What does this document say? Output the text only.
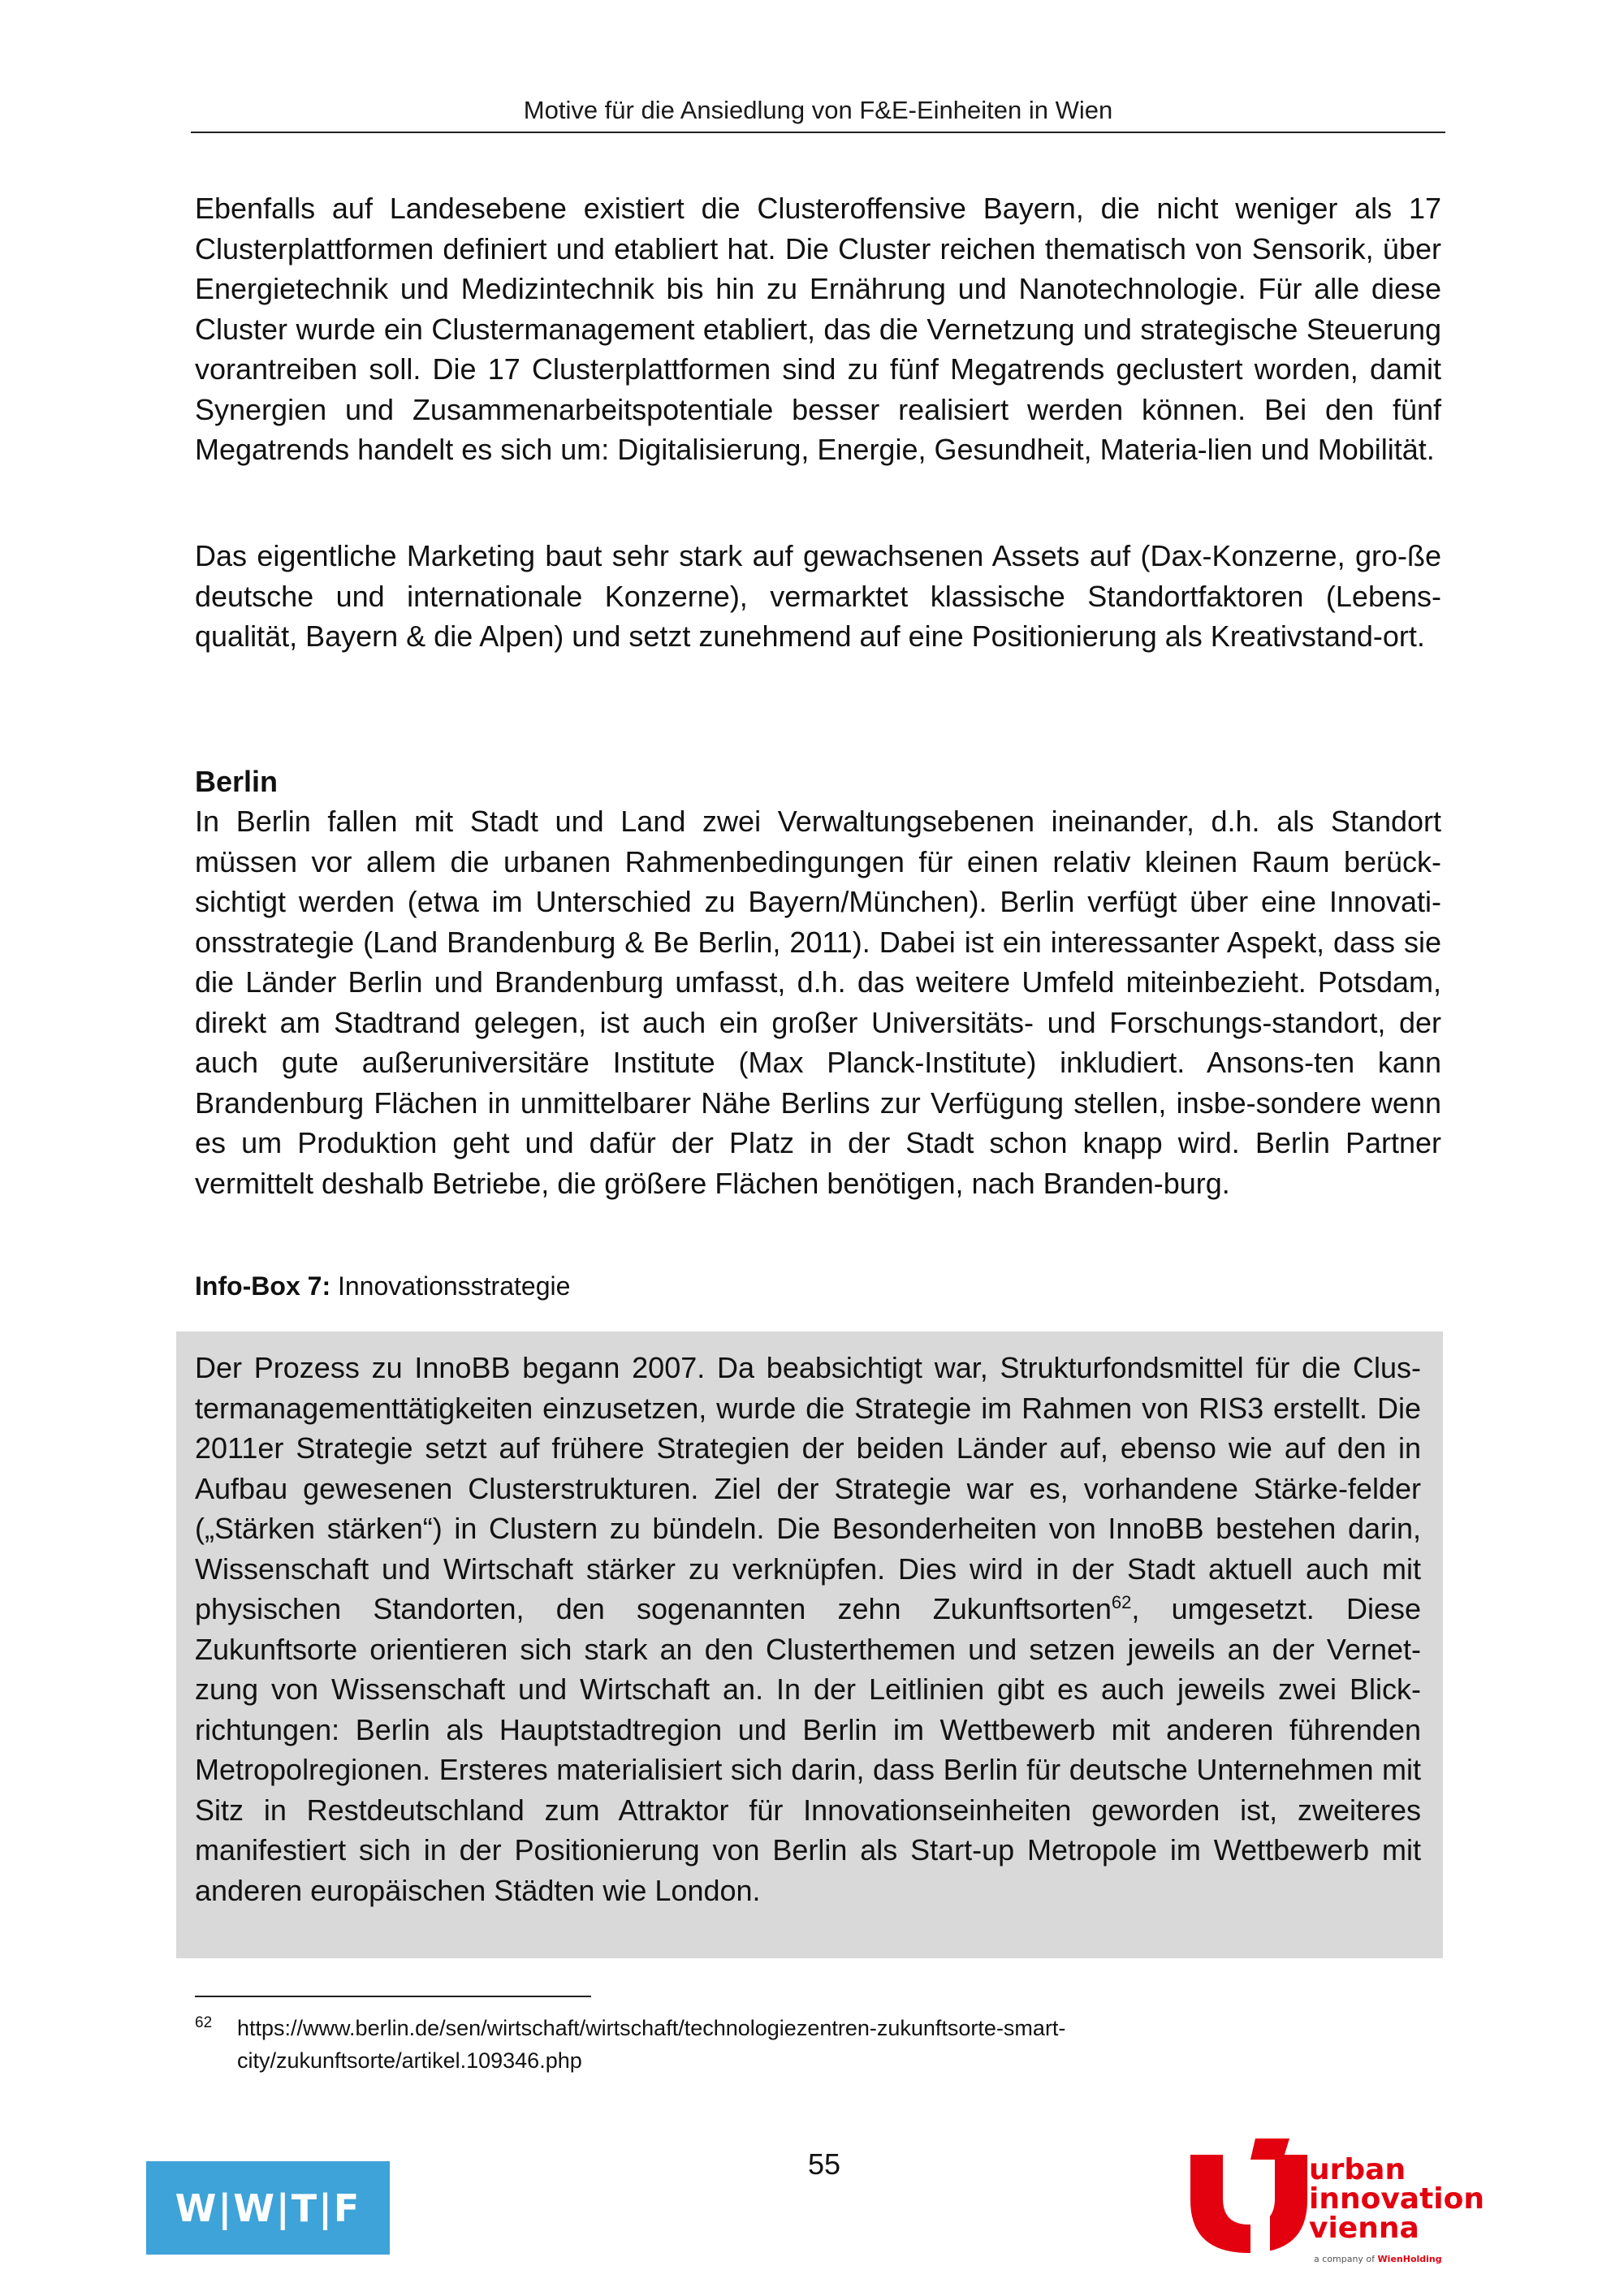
Motive für die Ansiedlung von F&E-Einheiten in Wien

Ebenfalls auf Landesebene existiert die Clusteroffensive Bayern, die nicht weniger als 17 Clusterplattformen definiert und etabliert hat. Die Cluster reichen thematisch von Sensorik, über Energietechnik und Medizintechnik bis hin zu Ernährung und Nanotechnologie. Für alle diese Cluster wurde ein Clustermanagement etabliert, das die Vernetzung und strategische Steuerung vorantreiben soll. Die 17 Clusterplattformen sind zu fünf Megatrends geclustert worden, damit Synergien und Zusammenarbeitspotentiale besser realisiert werden können. Bei den fünf Megatrends handelt es sich um: Digitalisierung, Energie, Gesundheit, Materia-lien und Mobilität.

Das eigentliche Marketing baut sehr stark auf gewachsenen Assets auf (Dax-Konzerne, gro-ße deutsche und internationale Konzerne), vermarktet klassische Standortfaktoren (Lebens-qualität, Bayern & die Alpen) und setzt zunehmend auf eine Positionierung als Kreativstand-ort.

Berlin

In Berlin fallen mit Stadt und Land zwei Verwaltungsebenen ineinander, d.h. als Standort müssen vor allem die urbanen Rahmenbedingungen für einen relativ kleinen Raum berück-sichtigt werden (etwa im Unterschied zu Bayern/München). Berlin verfügt über eine Innovati-onsstrategie (Land Brandenburg & Be Berlin, 2011). Dabei ist ein interessanter Aspekt, dass sie die Länder Berlin und Brandenburg umfasst, d.h. das weitere Umfeld miteinbezieht. Potsdam, direkt am Stadtrand gelegen, ist auch ein großer Universitäts- und Forschungs-standort, der auch gute außeruniversitäre Institute (Max Planck-Institute) inkludiert. Ansons-ten kann Brandenburg Flächen in unmittelbarer Nähe Berlins zur Verfügung stellen, insbe-sondere wenn es um Produktion geht und dafür der Platz in der Stadt schon knapp wird. Berlin Partner vermittelt deshalb Betriebe, die größere Flächen benötigen, nach Branden-burg.

Info-Box 7: Innovationsstrategie

Der Prozess zu InnoBB begann 2007. Da beabsichtigt war, Strukturfondsmittel für die Clus-termanagementtätigkeiten einzusetzen, wurde die Strategie im Rahmen von RIS3 erstellt. Die 2011er Strategie setzt auf frühere Strategien der beiden Länder auf, ebenso wie auf den in Aufbau gewesenen Clusterstrukturen. Ziel der Strategie war es, vorhandene Stärke-felder („Stärken stärken“) in Clustern zu bündeln. Die Besonderheiten von InnoBB bestehen darin, Wissenschaft und Wirtschaft stärker zu verknüpfen. Dies wird in der Stadt aktuell auch mit physischen Standorten, den sogenannten zehn Zukunftsorten$^{62}$, umgesetzt. Diese Zukunftsorte orientieren sich stark an den Clusterthemen und setzen jeweils an der Vernet-zung von Wissenschaft und Wirtschaft an. In der Leitlinien gibt es auch jeweils zwei Blick-richtungen: Berlin als Hauptstadtregion und Berlin im Wettbewerb mit anderen führenden Metropolregionen. Ersteres materialisiert sich darin, dass Berlin für deutsche Unternehmen mit Sitz in Restdeutschland zum Attraktor für Innovationseinheiten geworden ist, zweiteres manifestiert sich in der Positionierung von Berlin als Start-up Metropole im Wettbewerb mit anderen europäischen Städten wie London.

62 https://www.berlin.de/sen/wirtschaft/wirtschaft/technologiezentren-zukunftsorte-smart-city/zukunftsorte/artikel.109346.php
55
W|W|T|F
urban
innovation
vienna
a company of WienHolding
